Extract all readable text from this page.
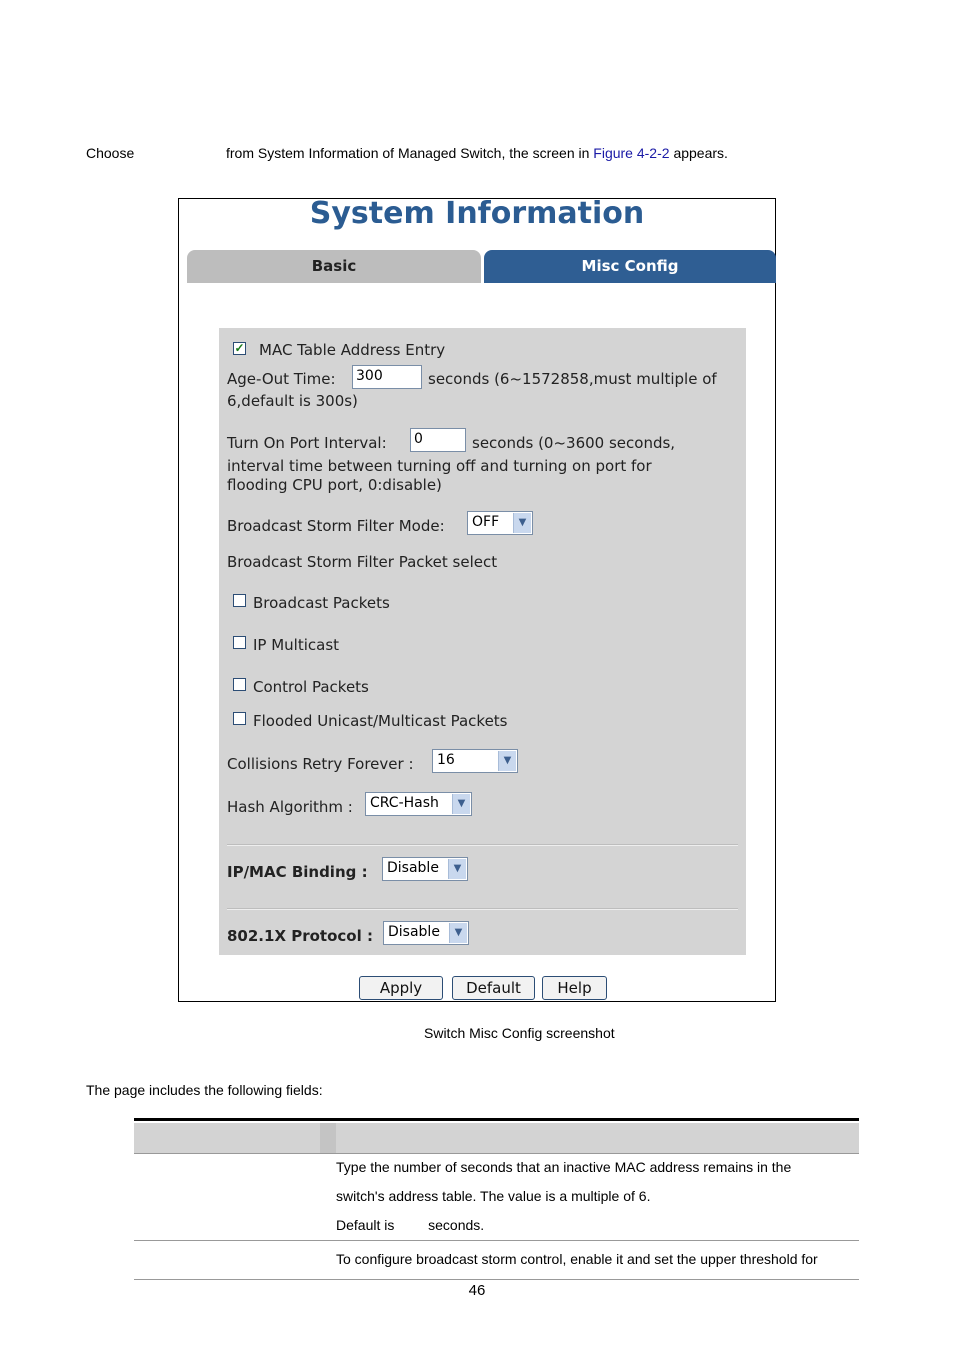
Choose	from System Information of Managed Switch, the screen in Figure 4-2-2 appears.
System Information
Basic	Misc Config
✓ MAC Table Address Entry
Age-Out Time: 300	seconds (6~1572858,must multiple of
6,default is 300s)
Turn On Port Interval: 0	seconds (0~3600 seconds,
interval time between turning off and turning on port for
flooding CPU port, 0:disable)
Broadcast Storm Filter Mode:	OFF	▼
Broadcast Storm Filter Packet select
Broadcast Packets
IP Multicast
Control Packets
Flooded Unicast/Multicast Packets
Collisions Retry Forever :	16	▼
Hash Algorithm :	CRC-Hash	▼
IP/MAC Binding :	Disable	▼
802.1X Protocol :	Disable	▼
Apply	Default	Help
Switch Misc Config screenshot
The page includes the following fields:
Type the number of seconds that an inactive MAC address remains in the
switch's address table. The value is a multiple of 6.
Default is seconds.
To configure broadcast storm control, enable it and set the upper threshold for
46
